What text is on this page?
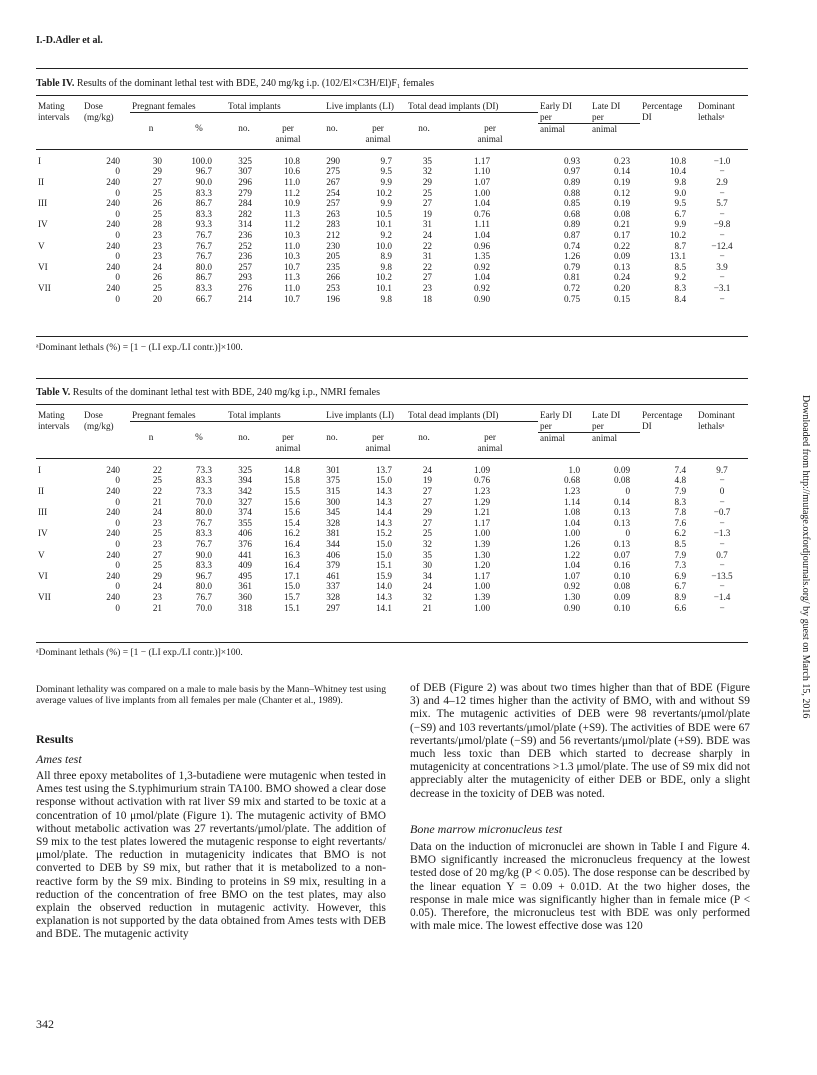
I.-D.Adler et al.
Table IV. Results of the dominant lethal test with BDE, 240 mg/kg i.p. (102/El×C3H/El)F₁ females
Mating	Dose	Pregnant females		Total implants		Live implants (LI)		Total dead implants (DI)		Early DI	Late DI	Percentage	Dominant
intervals	(mg/kg)									per	per	DI	lethalsᵃ
		n	%	no.	per	no.	per	no.	per	animal	animal		
					animal		animal		animal				

I	240	30	100.0	325	10.8	290	9.7	35	1.17	0.93	0.23	10.8	−1.0
	0	29	96.7	307	10.6	275	9.5	32	1.10	0.97	0.14	10.4	−
II	240	27	90.0	296	11.0	267	9.9	29	1.07	0.89	0.19	9.8	2.9
	0	25	83.3	279	11.2	254	10.2	25	1.00	0.88	0.12	9.0	−
III	240	26	86.7	284	10.9	257	9.9	27	1.04	0.85	0.19	9.5	5.7
	0	25	83.3	282	11.3	263	10.5	19	0.76	0.68	0.08	6.7	−
IV	240	28	93.3	314	11.2	283	10.1	31	1.11	0.89	0.21	9.9	−9.8
	0	23	76.7	236	10.3	212	9.2	24	1.04	0.87	0.17	10.2	−
V	240	23	76.7	252	11.0	230	10.0	22	0.96	0.74	0.22	8.7	−12.4
	0	23	76.7	236	10.3	205	8.9	31	1.35	1.26	0.09	13.1	−
VI	240	24	80.0	257	10.7	235	9.8	22	0.92	0.79	0.13	8.5	3.9
	0	26	86.7	293	11.3	266	10.2	27	1.04	0.81	0.24	9.2	−
VII	240	25	83.3	276	11.0	253	10.1	23	0.92	0.72	0.20	8.3	−3.1
	0	20	66.7	214	10.7	196	9.8	18	0.90	0.75	0.15	8.4	−
ᵃDominant lethals (%) = [1 − (LI exp./LI contr.)]×100.
Table V. Results of the dominant lethal test with BDE, 240 mg/kg i.p., NMRI females
Mating	Dose	Pregnant females		Total implants		Live implants (LI)		Total dead implants (DI)		Early DI	Late DI	Percentage	Dominant
intervals	(mg/kg)									per	per	DI	lethalsᵃ
		n	%	no.	per	no.	per	no.	per	animal	animal		
					animal		animal		animal				

I	240	22	73.3	325	14.8	301	13.7	24	1.09	1.0	0.09	7.4	9.7
	0	25	83.3	394	15.8	375	15.0	19	0.76	0.68	0.08	4.8	−
II	240	22	73.3	342	15.5	315	14.3	27	1.23	1.23	0	7.9	0
	0	21	70.0	327	15.6	300	14.3	27	1.29	1.14	0.14	8.3	−
III	240	24	80.0	374	15.6	345	14.4	29	1.21	1.08	0.13	7.8	−0.7
	0	23	76.7	355	15.4	328	14.3	27	1.17	1.04	0.13	7.6	−
IV	240	25	83.3	406	16.2	381	15.2	25	1.00	1.00	0	6.2	−1.3
	0	23	76.7	376	16.4	344	15.0	32	1.39	1.26	0.13	8.5	−
V	240	27	90.0	441	16.3	406	15.0	35	1.30	1.22	0.07	7.9	0.7
	0	25	83.3	409	16.4	379	15.1	30	1.20	1.04	0.16	7.3	−
VI	240	29	96.7	495	17.1	461	15.9	34	1.17	1.07	0.10	6.9	−13.5
	0	24	80.0	361	15.0	337	14.0	24	1.00	0.92	0.08	6.7	−
VII	240	23	76.7	360	15.7	328	14.3	32	1.39	1.30	0.09	8.9	−1.4
	0	21	70.0	318	15.1	297	14.1	21	1.00	0.90	0.10	6.6	−
ᵃDominant lethals (%) = [1 − (LI exp./LI contr.)]×100.	Downloaded from http://mutage.oxfordjournals.org/ by guest on March 15, 2016
Dominant lethality was compared on a male to male basis by the Mann–Whitney test using average values of live implants from all females per male (Chanter et al., 1989).
Results
Ames test
All three epoxy metabolites of 1,3-butadiene were mutagenic when tested in Ames test using the S.typhimurium strain TA100. BMO showed a clear dose response without activation with rat liver S9 mix and started to be toxic at a concentration of 10 μmol/plate (Figure 1). The mutagenic activity of BMO without metabolic activation was 27 revertants/μmol/plate. The addition of S9 mix to the test plates lowered the mutagenic response to eight revertants/μmol/plate. The reduction in mutagenicity indicates that BMO is not converted to DEB by S9 mix, but rather that it is metabolized to a non-reactive form by the S9 mix. Binding to proteins in S9 mix, resulting in a reduction of the concentration of free BMO on the test plates, may also explain the observed reduction in mutagenic activity. However, this explanation is not supported by the data obtained from Ames tests with DEB and BDE. The mutagenic activity
of DEB (Figure 2) was about two times higher than that of BDE (Figure 3) and 4–12 times higher than the activity of BMO, with and without S9 mix. The mutagenic activities of DEB were 98 revertants/μmol/plate (−S9) and 103 revertants/μmol/plate (+S9). The activities of BDE were 67 revertants/μmol/plate (−S9) and 56 revertants/μmol/plate (+S9). BDE was much less toxic than DEB which started to decrease sharply in mutagenicity at concentrations >1.3 μmol/plate. The use of S9 mix did not appreciably alter the mutagenicity of either DEB or BDE, only a slight decrease in the toxicity of DEB was noted.
Bone marrow micronucleus test
Data on the induction of micronuclei are shown in Table I and Figure 4. BMO significantly increased the micronucleus frequency at the lowest tested dose of 20 mg/kg (P < 0.05). The dose response can be described by the linear equation Y = 0.09 + 0.01D. At the two higher doses, the response in male mice was significantly higher than in female mice (P < 0.05). Therefore, the micronucleus test with BDE was only performed with male mice. The lowest effective dose was 120
342
